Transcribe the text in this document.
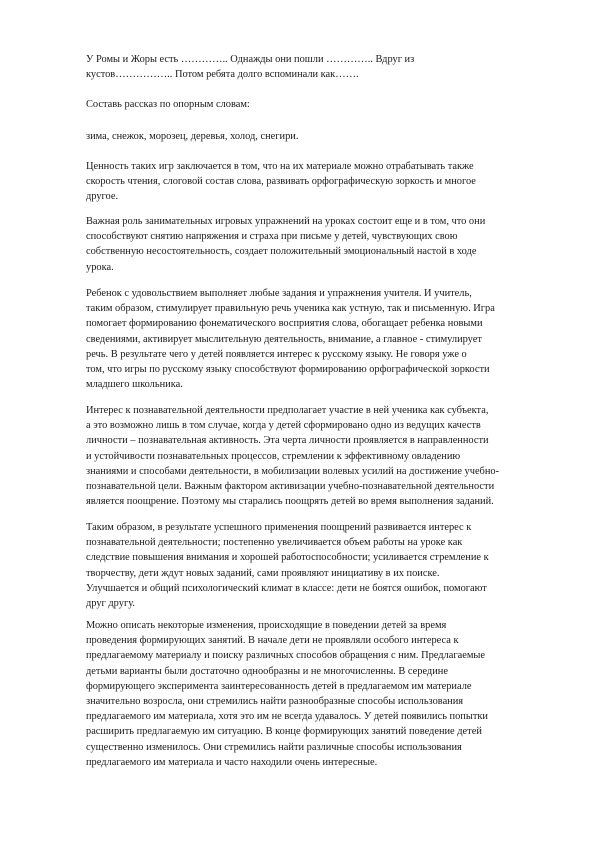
У Ромы и Жоры есть ………….. Однажды они пошли ………….. Вдруг из
кустов…………….. Потом ребята долго вспоминали как…….
Составь рассказ по опорным словам:
зима, снежок, морозец, деревья, холод, снегири.
Ценность таких игр заключается в том, что на их материале можно отрабатывать также
скорость чтения, слоговой состав слова, развивать орфографическую зоркость и многое
другое.
Важная роль занимательных игровых упражнений на уроках состоит еще и в том, что они
способствуют снятию напряжения и страха при письме у детей, чувствующих свою
собственную несостоятельность, создает положительный эмоциональный настой в ходе
урока.
Ребенок с удовольствием выполняет любые задания и упражнения учителя. И учитель,
таким образом, стимулирует правильную речь ученика как устную, так и письменную. Игра
помогает формированию фонематического восприятия слова, обогащает ребенка новыми
сведениями, активирует мыслительную деятельность, внимание, а главное - стимулирует
речь. В результате чего у детей появляется интерес к русскому языку. Не говоря уже о
том, что игры по русскому языку способствуют формированию орфографической зоркости
младшего школьника.
Интерес к познавательной деятельности предполагает участие в ней ученика как субъекта,
а это возможно лишь в том случае, когда у детей сформировано одно из ведущих качеств
личности – познавательная активность. Эта черта личности проявляется в направленности
и устойчивости познавательных процессов, стремлении к эффективному овладению
знаниями и способами деятельности, в мобилизации волевых усилий на достижение учебно-
познавательной цели. Важным фактором активизации учебно-познавательной деятельности
является поощрение. Поэтому мы старались поощрять детей во время выполнения заданий.
Таким образом, в результате успешного применения поощрений развивается интерес к
познавательной деятельности; постепенно увеличивается объем работы на уроке как
следствие повышения внимания и хорошей работоспособности; усиливается стремление к
творчеству, дети ждут новых заданий, сами проявляют инициативу в их поиске.
Улучшается и общий психологический климат в классе: дети не боятся ошибок, помогают
друг другу.
Можно описать некоторые изменения, происходящие в поведении детей за время
проведения формирующих занятий. В начале дети не проявляли особого интереса к
предлагаемому материалу и поиску различных способов обращения с ним. Предлагаемые
детьми варианты были достаточно однообразны и не многочисленны. В середине
формирующего эксперимента заинтересованность детей в предлагаемом им материале
значительно возросла, они стремились найти разнообразные способы использования
предлагаемого им материала, хотя это им не всегда удавалось. У детей появились попытки
расширить предлагаемую им ситуацию. В конце формирующих занятий поведение детей
существенно изменилось. Они стремились найти различные способы использования
предлагаемого им материала и часто находили очень интересные.
